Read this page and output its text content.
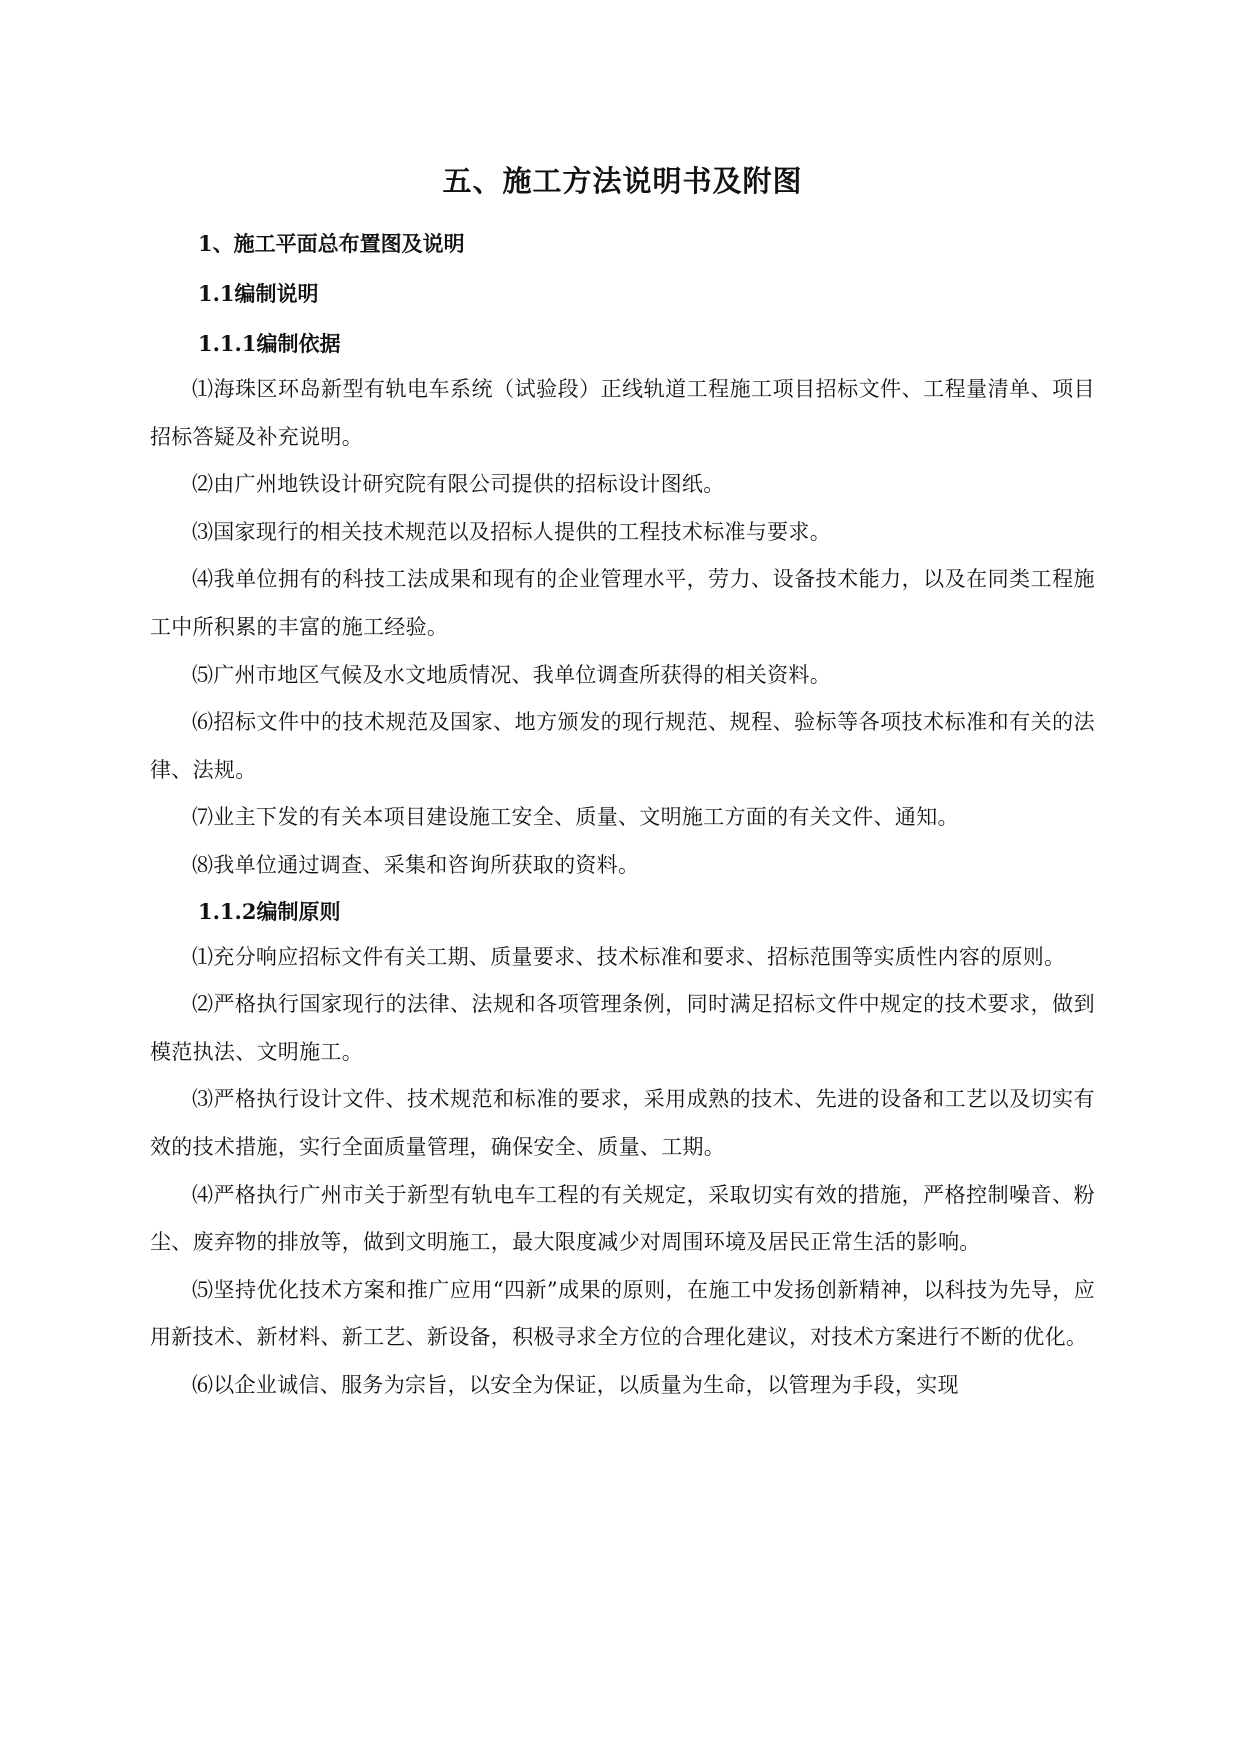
五、施工方法说明书及附图
1、施工平面总布置图及说明
1.1编制说明
1.1.1编制依据

⑴海珠区环岛新型有轨电车系统（试验段）正线轨道工程施工项目招标文件、工程量清单、项目招标答疑及补充说明。

⑵由广州地铁设计研究院有限公司提供的招标设计图纸。

⑶国家现行的相关技术规范以及招标人提供的工程技术标准与要求。

⑷我单位拥有的科技工法成果和现有的企业管理水平，劳力、设备技术能力，以及在同类工程施工中所积累的丰富的施工经验。

⑸广州市地区气候及水文地质情况、我单位调查所获得的相关资料。

⑹招标文件中的技术规范及国家、地方颁发的现行规范、规程、验标等各项技术标准和有关的法律、法规。

⑺业主下发的有关本项目建设施工安全、质量、文明施工方面的有关文件、通知。

⑻我单位通过调查、采集和咨询所获取的资料。

1.1.2编制原则

⑴充分响应招标文件有关工期、质量要求、技术标准和要求、招标范围等实质性内容的原则。

⑵严格执行国家现行的法律、法规和各项管理条例，同时满足招标文件中规定的技术要求，做到模范执法、文明施工。

⑶严格执行设计文件、技术规范和标准的要求，采用成熟的技术、先进的设备和工艺以及切实有效的技术措施，实行全面质量管理，确保安全、质量、工期。

⑷严格执行广州市关于新型有轨电车工程的有关规定，采取切实有效的措施，严格控制噪音、粉尘、废弃物的排放等，做到文明施工，最大限度减少对周围环境及居民正常生活的影响。

⑸坚持优化技术方案和推广应用“四新”成果的原则，在施工中发扬创新精神，以科技为先导，应用新技术、新材料、新工艺、新设备，积极寻求全方位的合理化建议，对技术方案进行不断的优化。

⑹以企业诚信、服务为宗旨，以安全为保证，以质量为生命，以管理为手段，实现
